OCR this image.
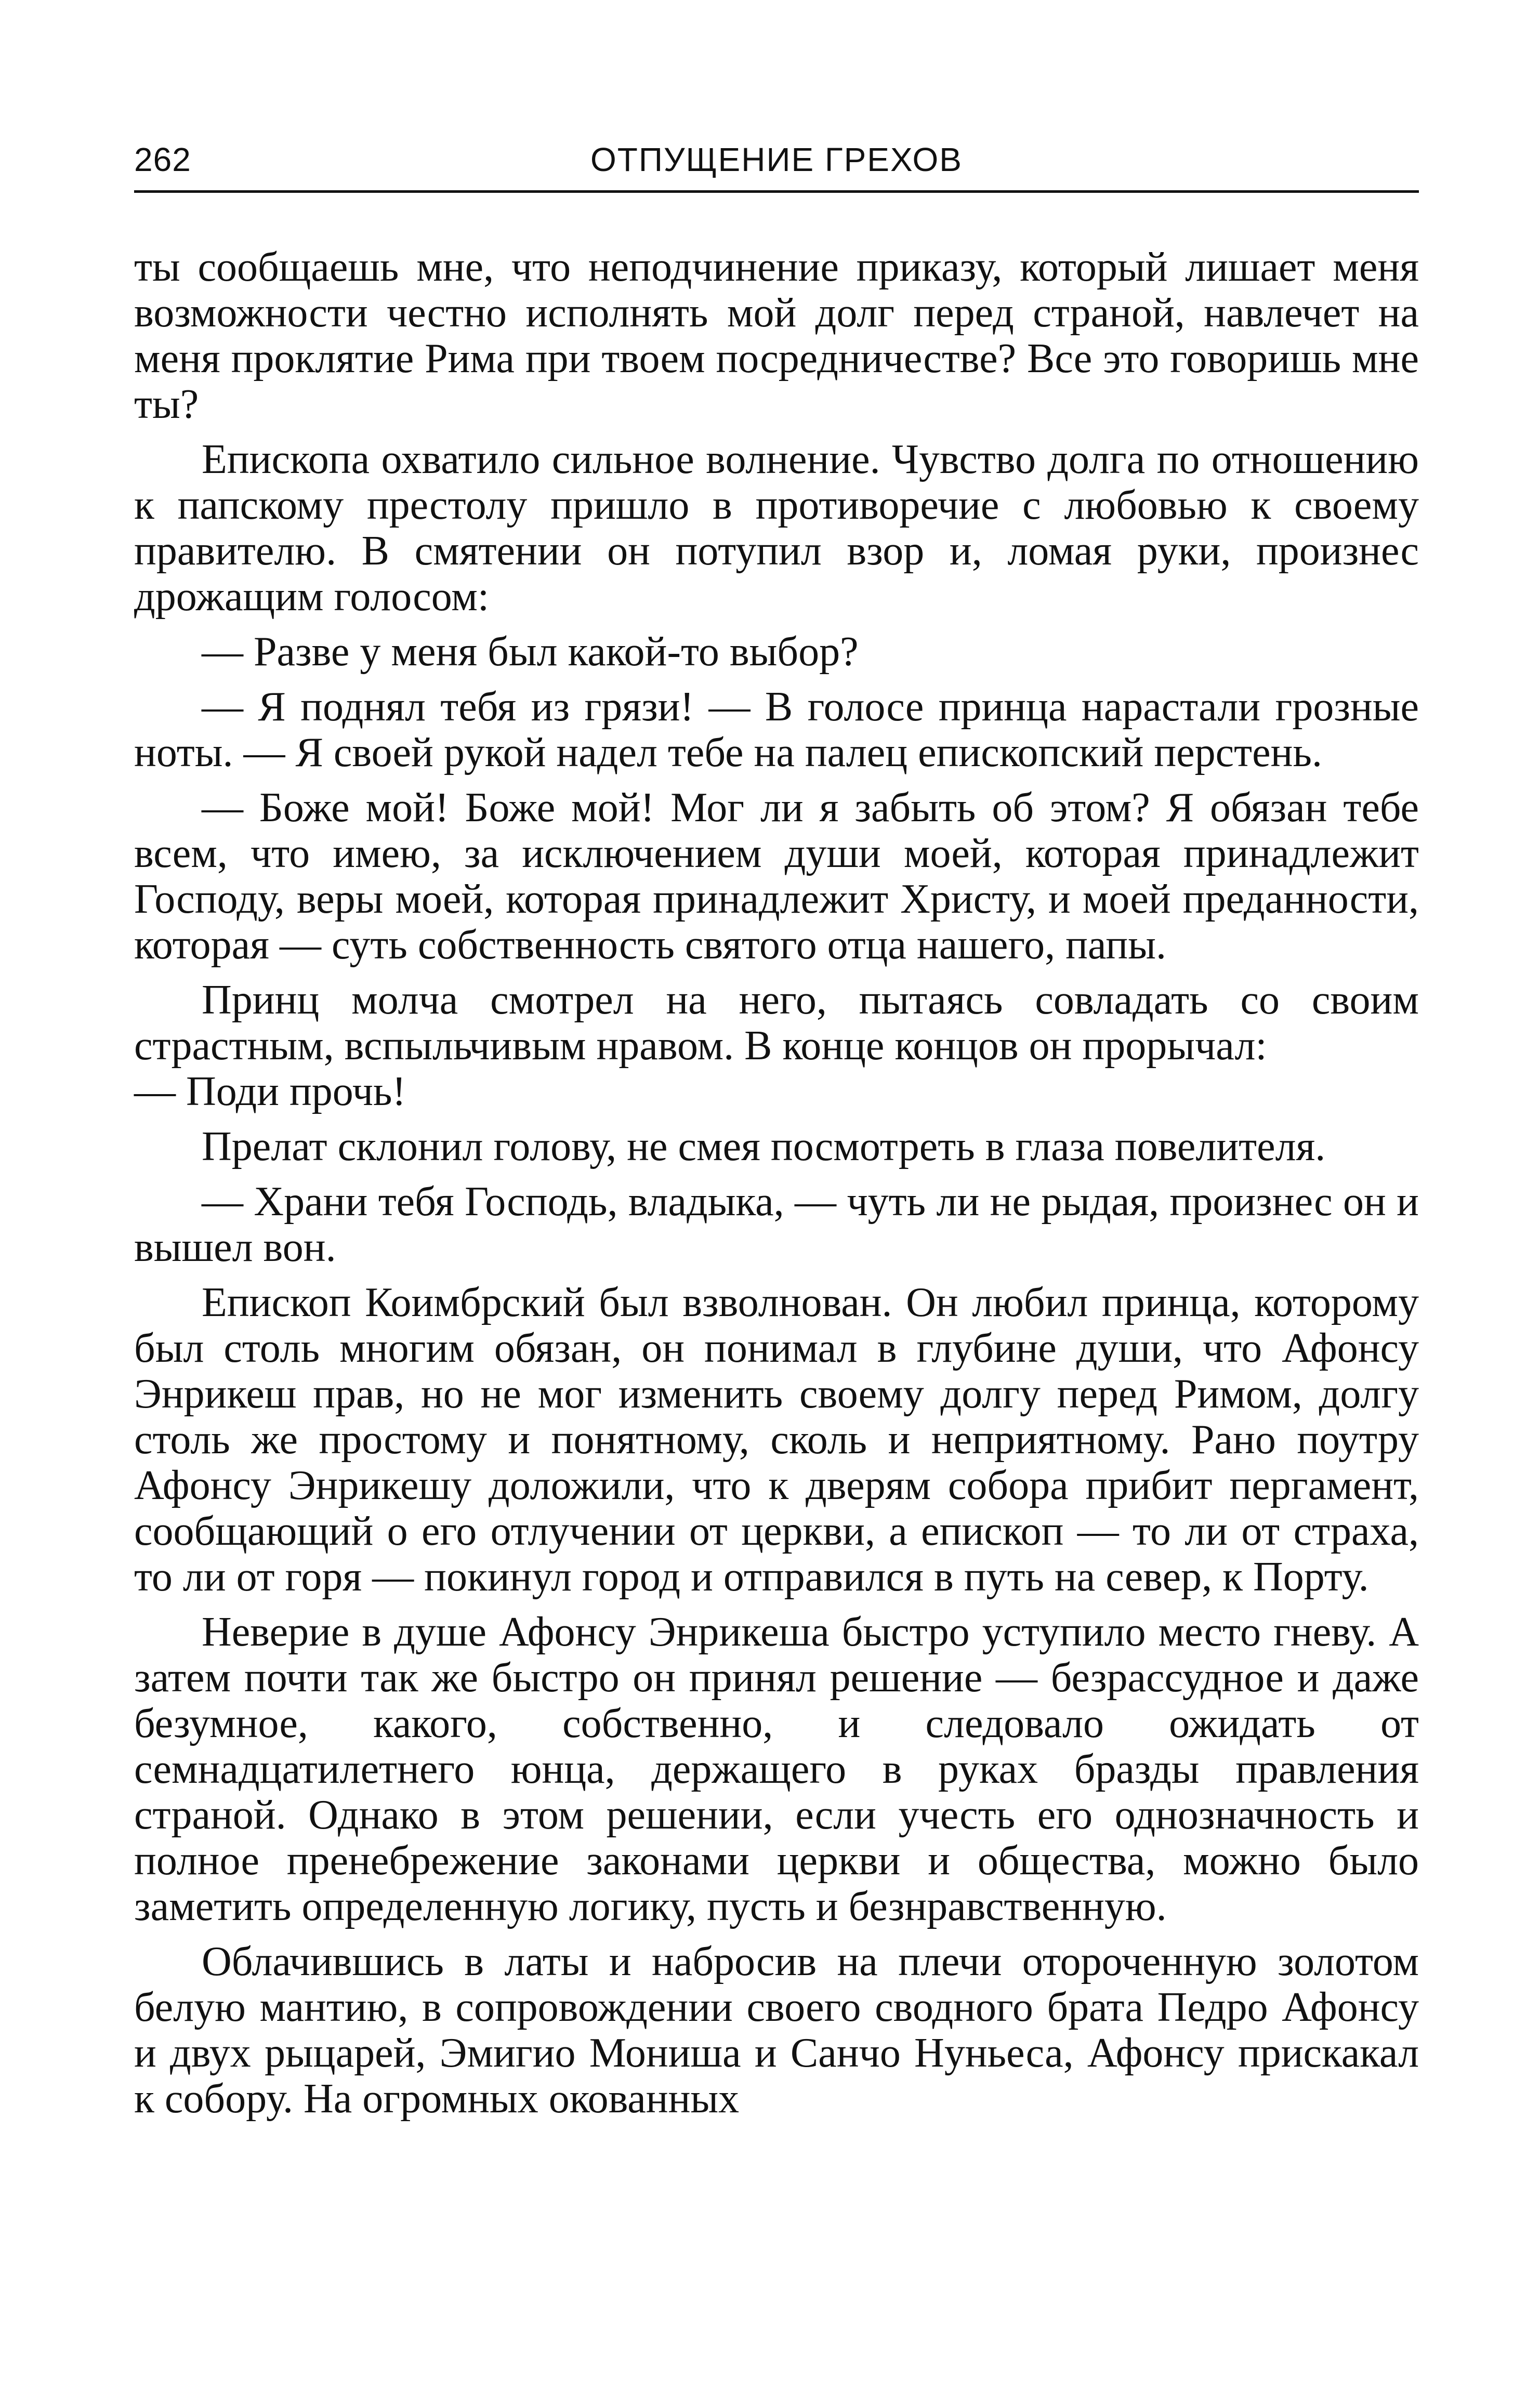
262	ОТПУЩЕНИЕ ГРЕХОВ

ты сообщаешь мне, что неподчинение приказу, который лишает меня возможности честно исполнять мой долг перед страной, навлечет на меня проклятие Рима при твоем посредничестве? Все это говоришь мне ты?

Епископа охватило сильное волнение. Чувство долга по отношению к папскому престолу пришло в противоречие с любовью к своему правителю. В смятении он потупил взор и, ломая руки, произнес дрожащим голосом:

— Разве у меня был какой-то выбор?

— Я поднял тебя из грязи! — В голосе принца нарастали грозные ноты. — Я своей рукой надел тебе на палец епископский перстень.

— Боже мой! Боже мой! Мог ли я забыть об этом? Я обязан тебе всем, что имею, за исключением души моей, которая принадлежит Господу, веры моей, которая принадлежит Христу, и моей преданности, которая — суть собственность святого отца нашего, папы.

Принц молча смотрел на него, пытаясь совладать со своим страстным, вспыльчивым нравом. В конце концов он прорычал:

— Поди прочь!

Прелат склонил голову, не смея посмотреть в глаза повелителя.

— Храни тебя Господь, владыка, — чуть ли не рыдая, произнес он и вышел вон.

Епископ Коимбрский был взволнован. Он любил принца, которому был столь многим обязан, он понимал в глубине души, что Афонсу Энрикеш прав, но не мог изменить своему долгу перед Римом, долгу столь же простому и понятному, сколь и неприятному. Рано поутру Афонсу Энрикешу доложили, что к дверям собора прибит пергамент, сообщающий о его отлучении от церкви, а епископ — то ли от страха, то ли от горя — покинул город и отправился в путь на север, к Порту.

Неверие в душе Афонсу Энрикеша быстро уступило место гневу. А затем почти так же быстро он принял решение — безрассудное и даже безумное, какого, собственно, и следовало ожидать от семнадцатилетнего юнца, держащего в руках бразды правления страной. Однако в этом решении, если учесть его однозначность и полное пренебрежение законами церкви и общества, можно было заметить определенную логику, пусть и безнравственную.

Облачившись в латы и набросив на плечи отороченную золотом белую мантию, в сопровождении своего сводного брата Педро Афонсу и двух рыцарей, Эмигио Мониша и Санчо Нуньеса, Афонсу прискакал к собору. На огромных окованных
